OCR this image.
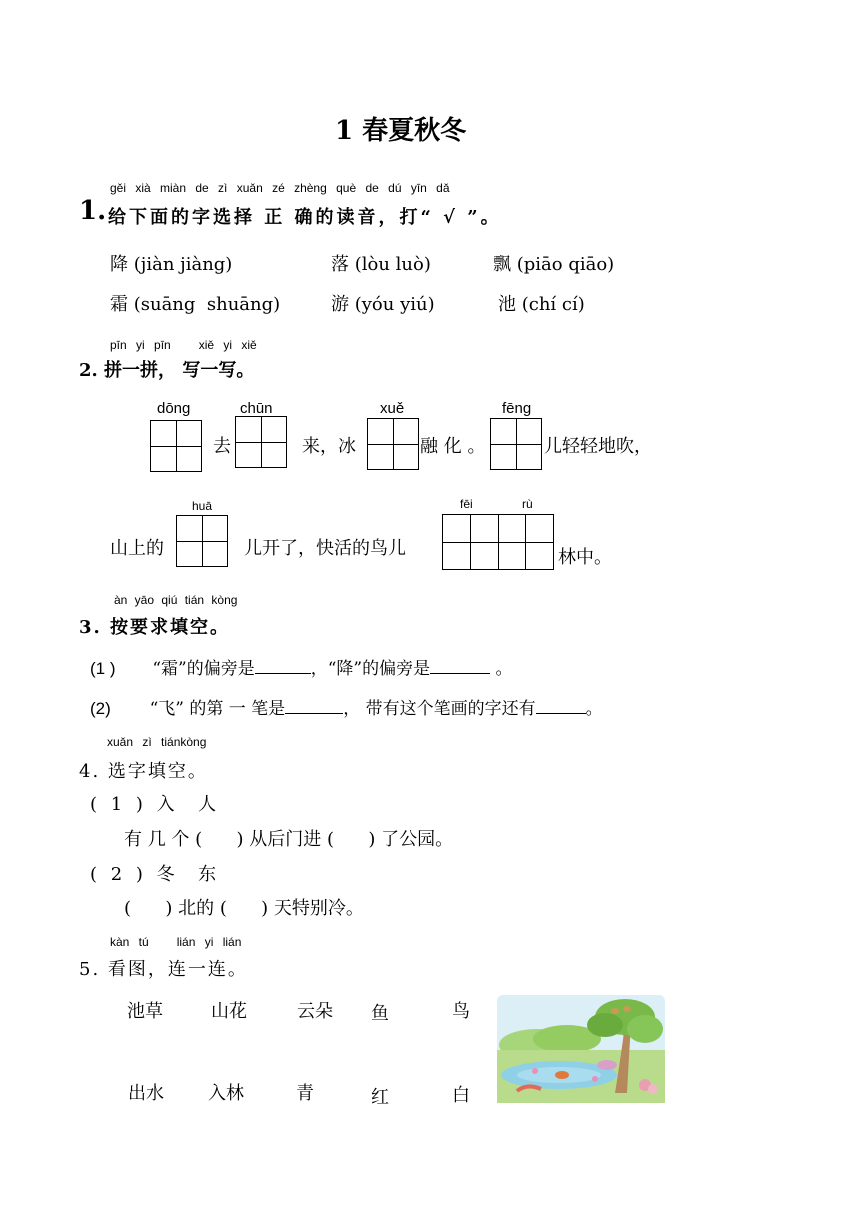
1 春夏秋冬
gěi xià miàn de zì xuǎn zé zhèng què de dú yīn dǎ
1. 给下面的字选择 正 确的读音，打“ √ ”。
降 (jiàn jiàng)	落 (lòu luò)	飘 (piāo qiāo)
霜 (suāng  shuāng)	游 (yóu yiú)	池 (chí cí)
pīn yi pīn   xiě yi xiě
2. 拼一拼， 写一写。
dōng	chūn	xuě	fēng
去	来，冰	融 化 。	儿轻轻地吹，
huā	fēi	rù
山上的	儿开了，快活的鸟儿	林中。
àn yāo qiú tián kòng
3. 按要求填空。
(1 ) “霜”的偏旁是	，“降”的偏旁是	。
(2) “飞” 的第 一 笔是	， 带有这个笔画的字还有	。
xuǎn zì tiánkòng
4. 选字填空。
( 1 ) 入  人
有 几 个 (      ) 从后门进 (      ) 了公园。
( 2 ) 冬  东
(      ) 北的 (      ) 天特别冷。
kàn tú   lián yi lián
5. 看图，连一连。
池草	山花	云朵 鱼	鸟
出水 入林	青	红	白
